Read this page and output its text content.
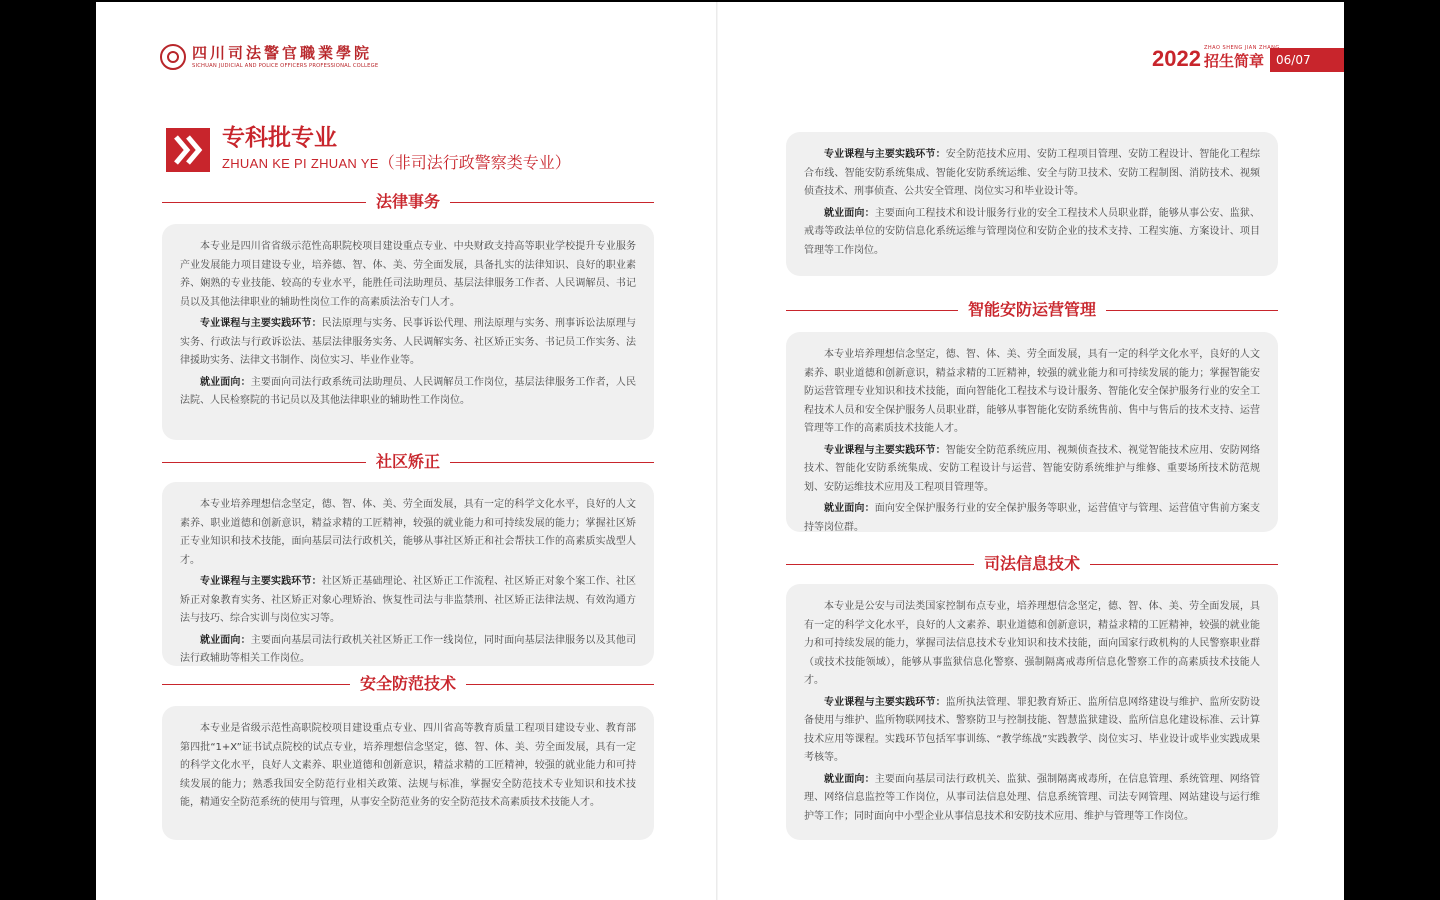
四川司法警官職業學院
SICHUAN JUDICIAL AND POLICE OFFICERS PROFESSIONAL COLLEGE	2022 ZHAO SHENG JIAN ZHANG
招生简章	06/07
专科批专业
ZHUAN KE PI ZHUAN YE（非司法行政警察类专业）
法律事务

本专业是四川省省级示范性高职院校项目建设重点专业、中央财政支持高等职业学校提升专业服务产业发展能力项目建设专业，培养德、智、体、美、劳全面发展，具备扎实的法律知识、良好的职业素养、娴熟的专业技能、较高的专业水平，能胜任司法助理员、基层法律服务工作者、人民调解员、书记员以及其他法律职业的辅助性岗位工作的高素质法治专门人才。

专业课程与主要实践环节：民法原理与实务、民事诉讼代理、刑法原理与实务、刑事诉讼法原理与实务、行政法与行政诉讼法、基层法律服务实务、人民调解实务、社区矫正实务、书记员工作实务、法律援助实务、法律文书制作、岗位实习、毕业作业等。

就业面向：主要面向司法行政系统司法助理员、人民调解员工作岗位，基层法律服务工作者，人民法院、人民检察院的书记员以及其他法律职业的辅助性工作岗位。

社区矫正

本专业培养理想信念坚定，德、智、体、美、劳全面发展，具有一定的科学文化水平，良好的人文素养、职业道德和创新意识，精益求精的工匠精神，较强的就业能力和可持续发展的能力；掌握社区矫正专业知识和技术技能，面向基层司法行政机关，能够从事社区矫正和社会帮扶工作的高素质实战型人才。

专业课程与主要实践环节：社区矫正基础理论、社区矫正工作流程、社区矫正对象个案工作、社区矫正对象教育实务、社区矫正对象心理矫治、恢复性司法与非监禁刑、社区矫正法律法规、有效沟通方法与技巧、综合实训与岗位实习等。

就业面向：主要面向基层司法行政机关社区矫正工作一线岗位，同时面向基层法律服务以及其他司法行政辅助等相关工作岗位。

安全防范技术

本专业是省级示范性高职院校项目建设重点专业、四川省高等教育质量工程项目建设专业、教育部第四批“1+X”证书试点院校的试点专业，培养理想信念坚定，德、智、体、美、劳全面发展，具有一定的科学文化水平，良好人文素养、职业道德和创新意识，精益求精的工匠精神，较强的就业能力和可持续发展的能力；熟悉我国安全防范行业相关政策、法规与标准，掌握安全防范技术专业知识和技术技能，精通安全防范系统的使用与管理，从事安全防范业务的安全防范技术高素质技术技能人才。

专业课程与主要实践环节：安全防范技术应用、安防工程项目管理、安防工程设计、智能化工程综合布线、智能安防系统集成、智能化安防系统运维、安全与防卫技术、安防工程制图、消防技术、视频侦查技术、刑事侦查、公共安全管理、岗位实习和毕业设计等。

就业面向：主要面向工程技术和设计服务行业的安全工程技术人员职业群，能够从事公安、监狱、戒毒等政法单位的安防信息化系统运维与管理岗位和安防企业的技术支持、工程实施、方案设计、项目管理等工作岗位。

智能安防运营管理

本专业培养理想信念坚定，德、智、体、美、劳全面发展，具有一定的科学文化水平，良好的人文素养、职业道德和创新意识，精益求精的工匠精神，较强的就业能力和可持续发展的能力；掌握智能安防运营管理专业知识和技术技能，面向智能化工程技术与设计服务、智能化安全保护服务行业的安全工程技术人员和安全保护服务人员职业群，能够从事智能化安防系统售前、售中与售后的技术支持、运营管理等工作的高素质技术技能人才。

专业课程与主要实践环节：智能安全防范系统应用、视频侦查技术、视觉智能技术应用、安防网络技术、智能化安防系统集成、安防工程设计与运营、智能安防系统维护与维修、重要场所技术防范规划、安防运维技术应用及工程项目管理等。

就业面向：面向安全保护服务行业的安全保护服务等职业，运营值守与管理、运营值守售前方案支持等岗位群。

司法信息技术

本专业是公安与司法类国家控制布点专业，培养理想信念坚定，德、智、体、美、劳全面发展，具有一定的科学文化水平，良好的人文素养、职业道德和创新意识，精益求精的工匠精神，较强的就业能力和可持续发展的能力，掌握司法信息技术专业知识和技术技能，面向国家行政机构的人民警察职业群（或技术技能领域），能够从事监狱信息化警察、强制隔离戒毒所信息化警察工作的高素质技术技能人才。

专业课程与主要实践环节：监所执法管理、罪犯教育矫正、监所信息网络建设与维护、监所安防设备使用与维护、监所物联网技术、警察防卫与控制技能、智慧监狱建设、监所信息化建设标准、云计算技术应用等课程。实践环节包括军事训练、“教学练战”实践教学、岗位实习、毕业设计或毕业实践成果考核等。

就业面向：主要面向基层司法行政机关、监狱、强制隔离戒毒所，在信息管理、系统管理、网络管理、网络信息监控等工作岗位，从事司法信息处理、信息系统管理、司法专网管理、网站建设与运行维护等工作；同时面向中小型企业从事信息技术和安防技术应用、维护与管理等工作岗位。
